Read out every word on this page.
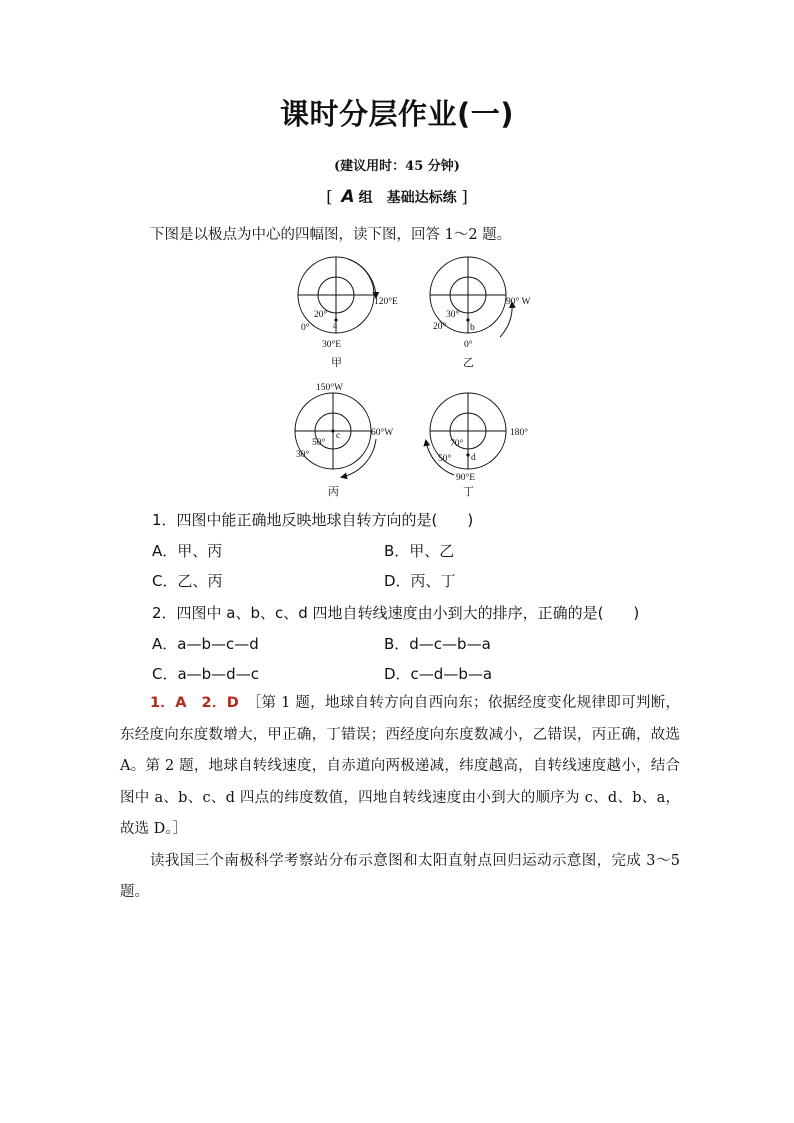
课时分层作业(一)
(建议用时：45 分钟)
[ A 组　基础达标练 ]
下图是以极点为中心的四幅图，读下图，回答 1～2 题。
20°
a
0°
30°E
120°E
甲
30°
b
20°
0°
90° W
乙
150°W
50°
c
30°
60°W
丙
70°
d
50°
90°E
180°
丁
1．四图中能正确地反映地球自转方向的是(　　)
A．甲、丙	B．甲、乙
C．乙、丙	D．丙、丁
2．四图中 a、b、c、d 四地自转线速度由小到大的排序，正确的是(　　)
A．a—b—c—d	B．d—c—b—a
C．a—b—d—c	D．c—d—b—a
1．A　2．D　 ［第 1 题，地球自转方向自西向东；依据经度变化规律即可判断，东经度向东度数增大，甲正确，丁错误；西经度向东度数减小，乙错误，丙正确，故选 A。第 2 题，地球自转线速度，自赤道向两极递减，纬度越高，自转线速度越小，结合图中 a、b、c、d 四点的纬度数值，四地自转线速度由小到大的顺序为 c、d、b、a，故选 D。］
读我国三个南极科学考察站分布示意图和太阳直射点回归运动示意图，完成 3～5 题。
